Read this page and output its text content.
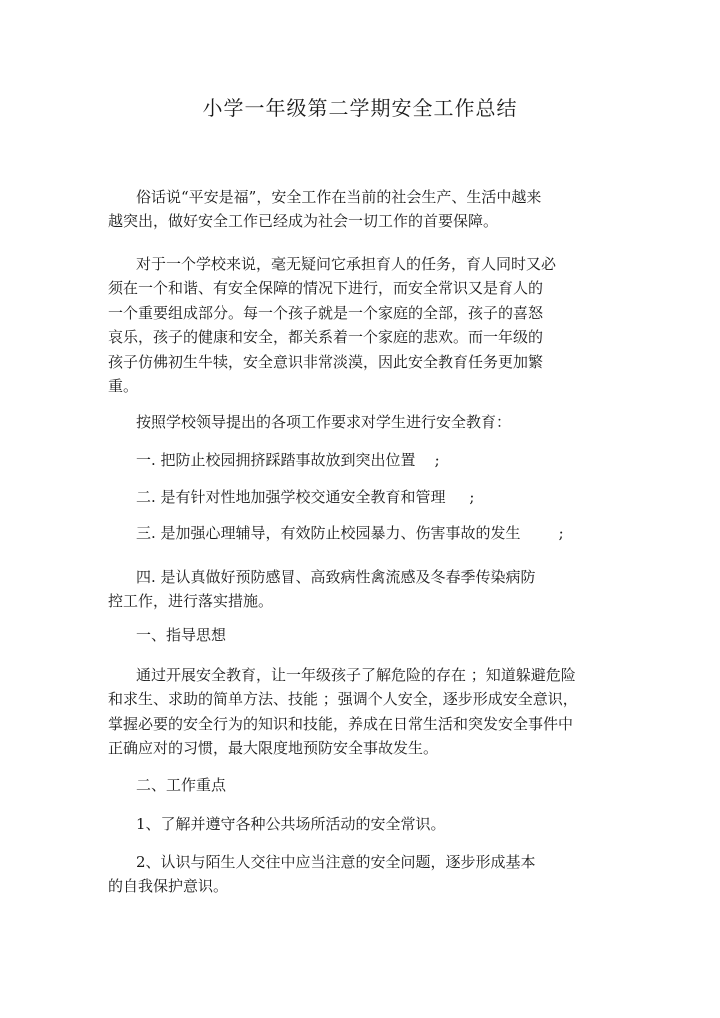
小学一年级第二学期安全工作总结

俗话说“平安是福”，安全工作在当前的社会生产、生活中越来
越突出，做好安全工作已经成为社会一切工作的首要保障。

对于一个学校来说，毫无疑问它承担育人的任务，育人同时又必
须在一个和谐、有安全保障的情况下进行，而安全常识又是育人的
一个重要组成部分。每一个孩子就是一个家庭的全部，孩子的喜怒
哀乐，孩子的健康和安全，都关系着一个家庭的悲欢。而一年级的
孩子仿佛初生牛犊，安全意识非常淡漠，因此安全教育任务更加繁
重。

按照学校领导提出的各项工作要求对学生进行安全教育：

一. 把防止校园拥挤踩踏事故放到突出位置    ;

二. 是有针对性地加强学校交通安全教育和管理     ;

三. 是加强心理辅导，有效防止校园暴力、伤害事故的发生        ;

四. 是认真做好预防感冒、高致病性禽流感及冬春季传染病防
控工作，进行落实措施。

一、指导思想

通过开展安全教育，让一年级孩子了解危险的存在 ；知道躲避危险
和求生、求助的简单方法、技能 ；强调个人安全，逐步形成安全意识，
掌握必要的安全行为的知识和技能，养成在日常生活和突发安全事件中
正确应对的习惯，最大限度地预防安全事故发生。

二、工作重点

1、了解并遵守各种公共场所活动的安全常识。

2、认识与陌生人交往中应当注意的安全问题，逐步形成基本
的自我保护意识。
